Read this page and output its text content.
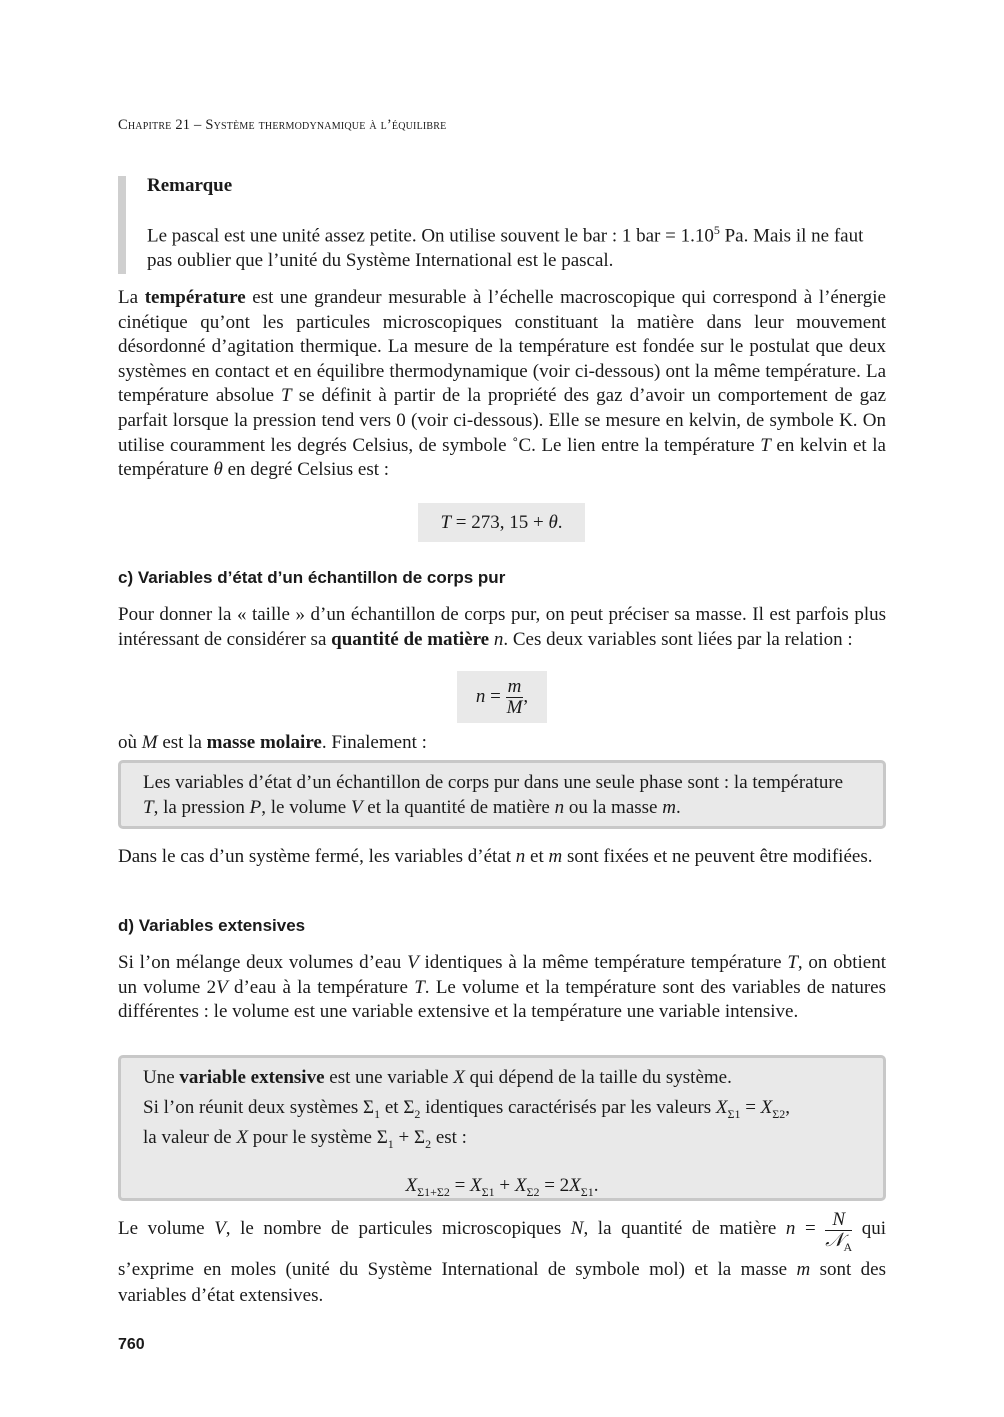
Chapitre 21 – Système thermodynamique à l’équilibre
Remarque

Le pascal est une unité assez petite. On utilise souvent le bar : 1 bar = $1.10^5$ Pa. Mais il ne faut pas oublier que l’unité du Système International est le pascal.

La température est une grandeur mesurable à l’échelle macroscopique qui correspond à l’énergie cinétique qu’ont les particules microscopiques constituant la matière dans leur mouvement désordonné d’agitation thermique. La mesure de la température est fondée sur le postulat que deux systèmes en contact et en équilibre thermodynamique (voir ci-dessous) ont la même température. La température absolue T se définit à partir de la propriété des gaz d’avoir un comportement de gaz parfait lorsque la pression tend vers 0 (voir ci-dessous). Elle se mesure en kelvin, de symbole K. On utilise couramment les degrés Celsius, de symbole ˚C. Le lien entre la température T en kelvin et la température θ en degré Celsius est :

T = 273, 15 + θ.
c) Variables d’état d’un échantillon de corps pur

Pour donner la « taille » d’un échantillon de corps pur, on peut préciser sa masse. Il est parfois plus intéressant de considérer sa quantité de matière n. Ces deux variables sont liées par la relation :

$n = \frac{m}{M}$ ,

où M est la masse molaire. Finalement :

Les variables d’état d’un échantillon de corps pur dans une seule phase sont : la température T, la pression P, le volume V et la quantité de matière n ou la masse m.

Dans le cas d’un système fermé, les variables d’état n et m sont fixées et ne peuvent être modifiées.

d) Variables extensives

Si l’on mélange deux volumes d’eau V identiques à la même température température T, on obtient un volume 2V d’eau à la température T. Le volume et la température sont des variables de natures différentes : le volume est une variable extensive et la température une variable intensive.

Une variable extensive est une variable X qui dépend de la taille du système.
Si l’on réunit deux systèmes $\Sigma_1$ et $\Sigma_2$ identiques caractérisés par les valeurs $X_{\Sigma 1} = X_{\Sigma 2}$,
la valeur de X pour le système $\Sigma_1 + \Sigma_2$ est :
$X_{\Sigma 1+\Sigma 2} = X_{\Sigma 1} + X_{\Sigma 2} = 2X_{\Sigma 1}$.

Le volume V, le nombre de particules microscopiques N, la quantité de matière $n = \frac{N}{𝒩_A}$ qui s’exprime en moles (unité du Système International de symbole mol) et la masse m sont des variables d’état extensives.

760
